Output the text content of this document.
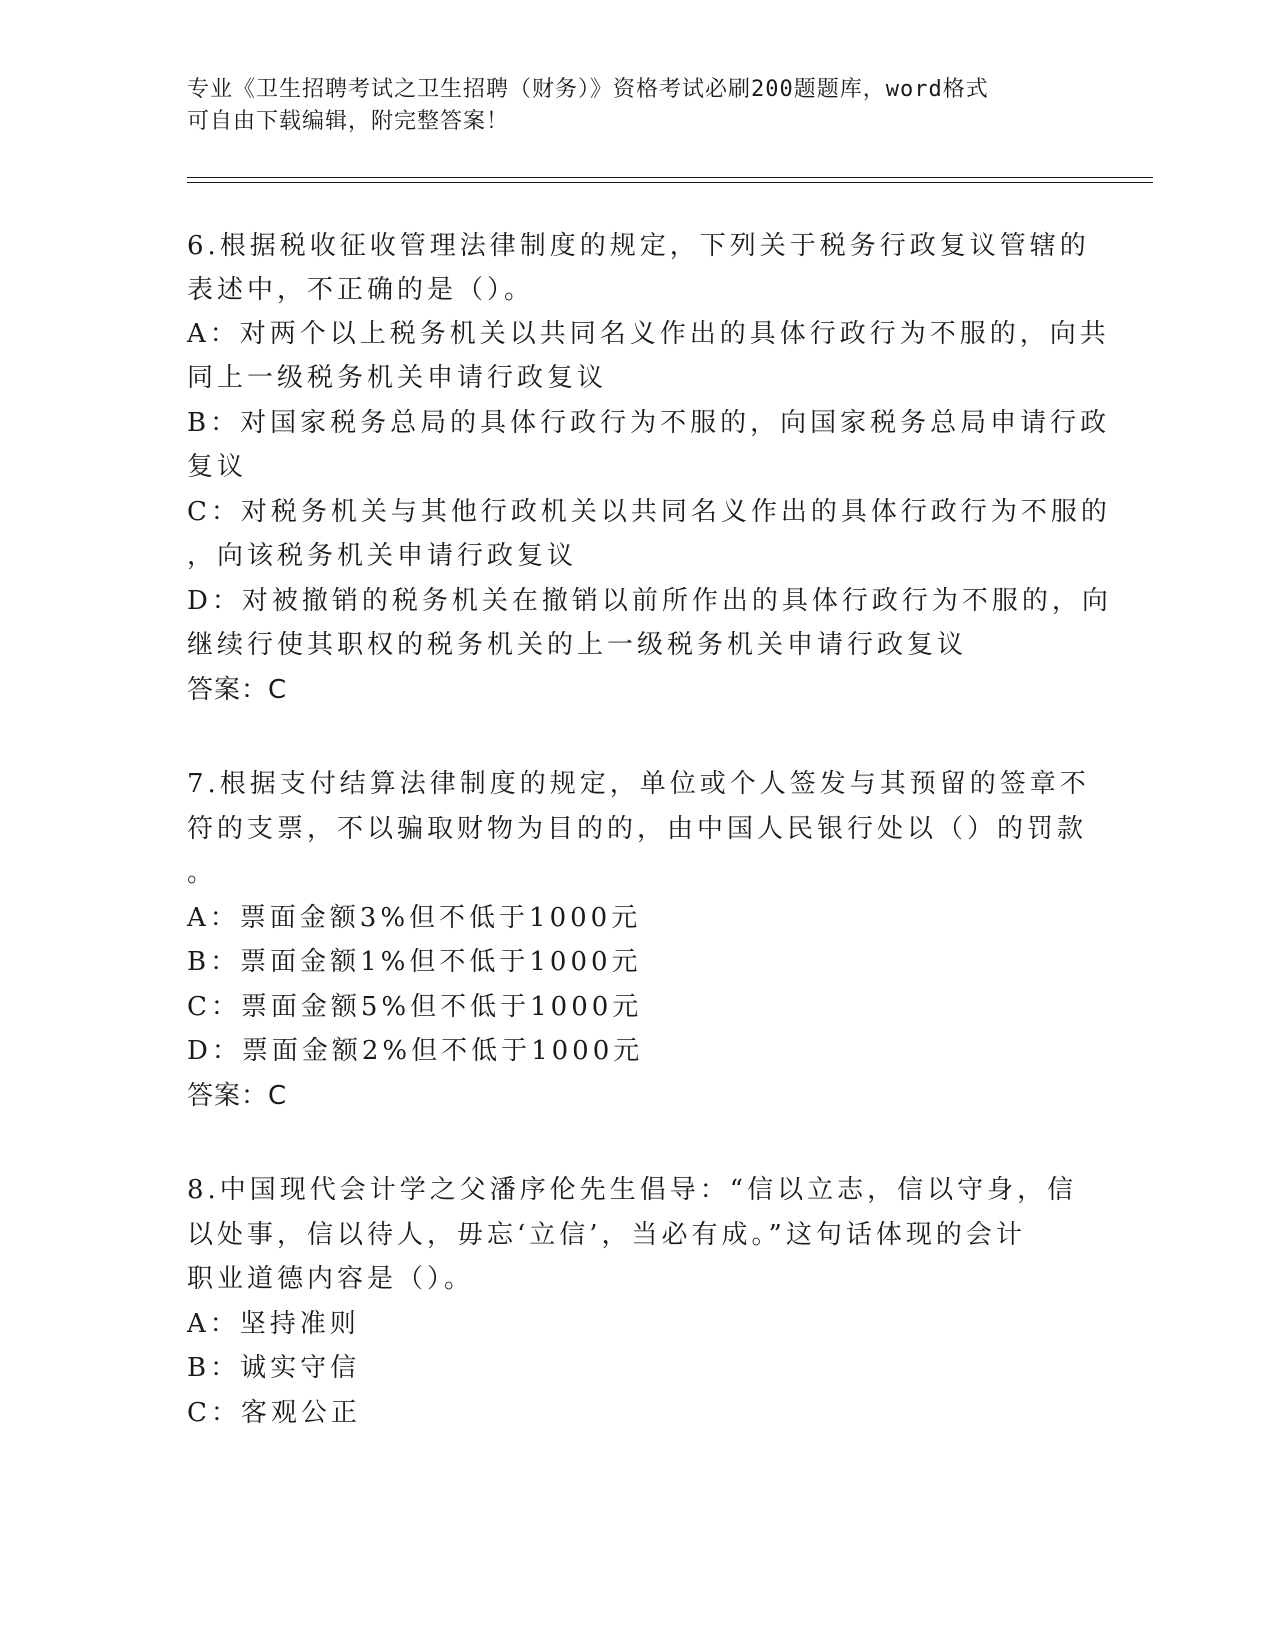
专业《卫生招聘考试之卫生招聘（财务）》资格考试必刷200题题库，word格式
可自由下载编辑，附完整答案！
6.根据税收征收管理法律制度的规定，下列关于税务行政复议管辖的
表述中，不正确的是（）。
A：对两个以上税务机关以共同名义作出的具体行政行为不服的，向共
同上一级税务机关申请行政复议
B：对国家税务总局的具体行政行为不服的，向国家税务总局申请行政
复议
C：对税务机关与其他行政机关以共同名义作出的具体行政行为不服的
，向该税务机关申请行政复议
D：对被撤销的税务机关在撤销以前所作出的具体行政行为不服的，向
继续行使其职权的税务机关的上一级税务机关申请行政复议
答案：C
7.根据支付结算法律制度的规定，单位或个人签发与其预留的签章不
符的支票，不以骗取财物为目的的，由中国人民银行处以（）的罚款
。
A：票面金额3%但不低于1000元
B：票面金额1%但不低于1000元
C：票面金额5%但不低于1000元
D：票面金额2%但不低于1000元
答案：C
8.中国现代会计学之父潘序伦先生倡导：“信以立志，信以守身，信
以处事，信以待人，毋忘‘立信’，当必有成。”这句话体现的会计
职业道德内容是（）。
A：坚持准则
B：诚实守信
C：客观公正
